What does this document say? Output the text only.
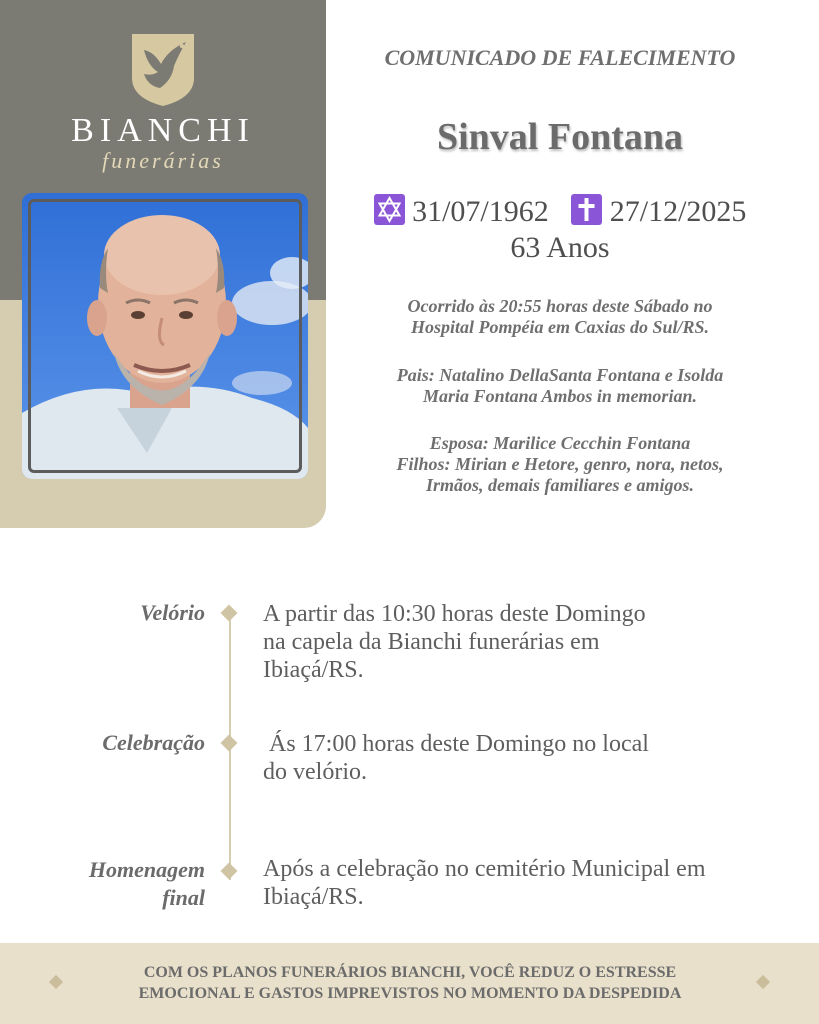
BIANCHI
funerárias
COMUNICADO DE FALECIMENTO
Sinval Fontana
31/07/1962 27/12/2025
63 Anos

Ocorrido às 20:55 horas deste Sábado no

Hospital Pompéia em Caxias do Sul/RS.

Pais: Natalino DellaSanta Fontana e Isolda

Maria Fontana Ambos in memorian.

Esposa: Marilice Cecchin Fontana

Filhos: Mirian e Hetore, genro, nora, netos,

Irmãos, demais familiares e amigos.

Velório A partir das 10:30 horas deste Domingo
na capela da Bianchi funerárias em
Ibiaçá/RS.
Celebração Ás 17:00 horas deste Domingo no local
do velório.
Homenagem
final
Após a celebração no cemitério Municipal em
Ibiaçá/RS.
COM OS PLANOS FUNERÁRIOS BIANCHI, VOCÊ REDUZ O ESTRESSE
EMOCIONAL E GASTOS IMPREVISTOS NO MOMENTO DA DESPEDIDA
